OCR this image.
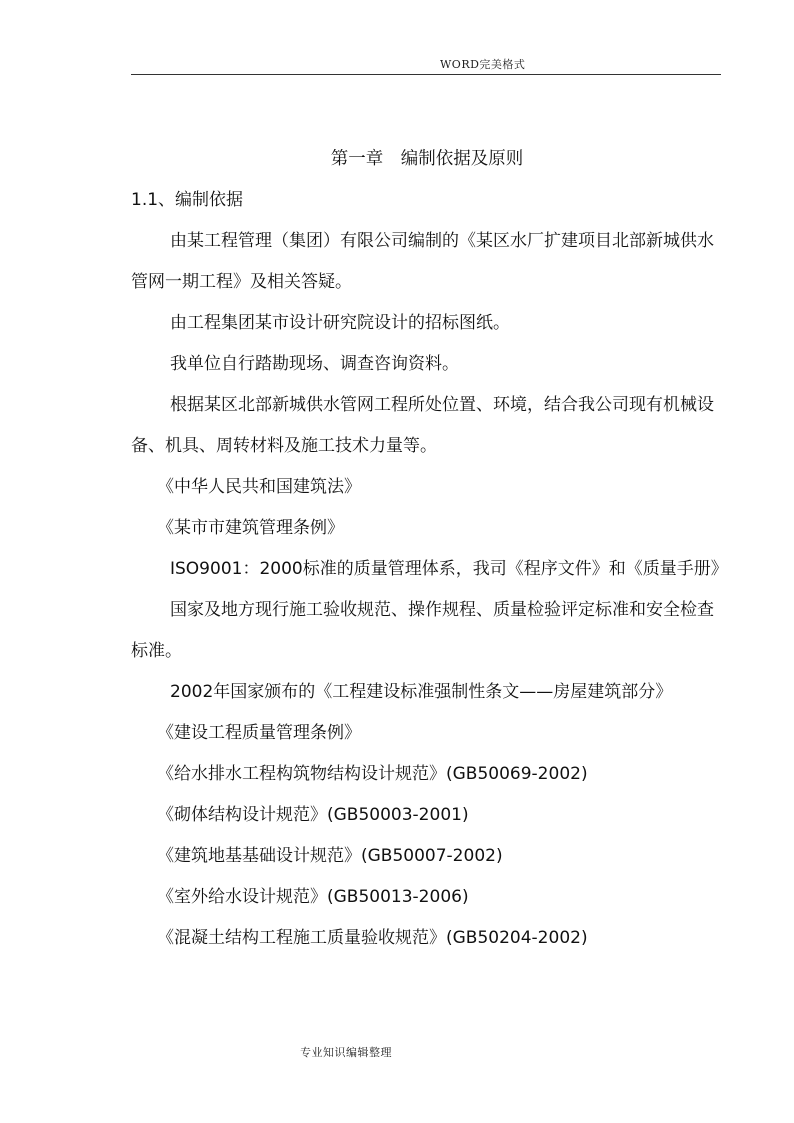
WORD完美格式

第一章　编制依据及原则

1.1、编制依据

由某工程管理（集团）有限公司编制的《某区水厂扩建项目北部新城供水管网一期工程》及相关答疑。

由工程集团某市设计研究院设计的招标图纸。

我单位自行踏勘现场、调查咨询资料。

根据某区北部新城供水管网工程所处位置、环境，结合我公司现有机械设备、机具、周转材料及施工技术力量等。

《中华人民共和国建筑法》

《某市市建筑管理条例》

ISO9001：2000标准的质量管理体系，我司《程序文件》和《质量手册》

国家及地方现行施工验收规范、操作规程、质量检验评定标准和安全检查标准。

2002年国家颁布的《工程建设标准强制性条文——房屋建筑部分》

《建设工程质量管理条例》

《给水排水工程构筑物结构设计规范》(GB50069-2002)

《砌体结构设计规范》(GB50003-2001)

《建筑地基基础设计规范》(GB50007-2002)

《室外给水设计规范》(GB50013-2006)

《混凝土结构工程施工质量验收规范》(GB50204-2002)

专业知识编辑整理
